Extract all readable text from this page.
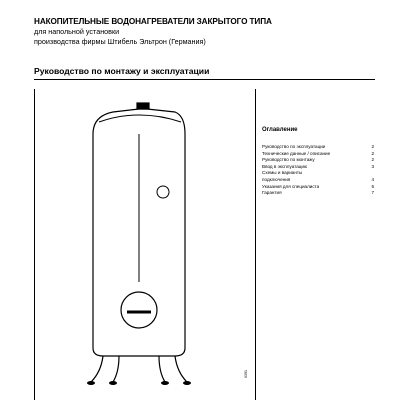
НАКОПИТЕЛЬНЫЕ ВОДОНАГРЕВАТЕЛИ ЗАКРЫТОГО ТИПА
для напольной установки
производства фирмы Штибель Эльтрон (Германия)
Руководство по монтажу и эксплуатации
0391
Оглавление
Руководство по эксплуатации	2
Технические данные / описание	2
Руководство по монтажу	2
Ввод в эксплуатацию	3
Схемы и варианты
подключения	4
Указания для специалиста	5
Гарантия	7
